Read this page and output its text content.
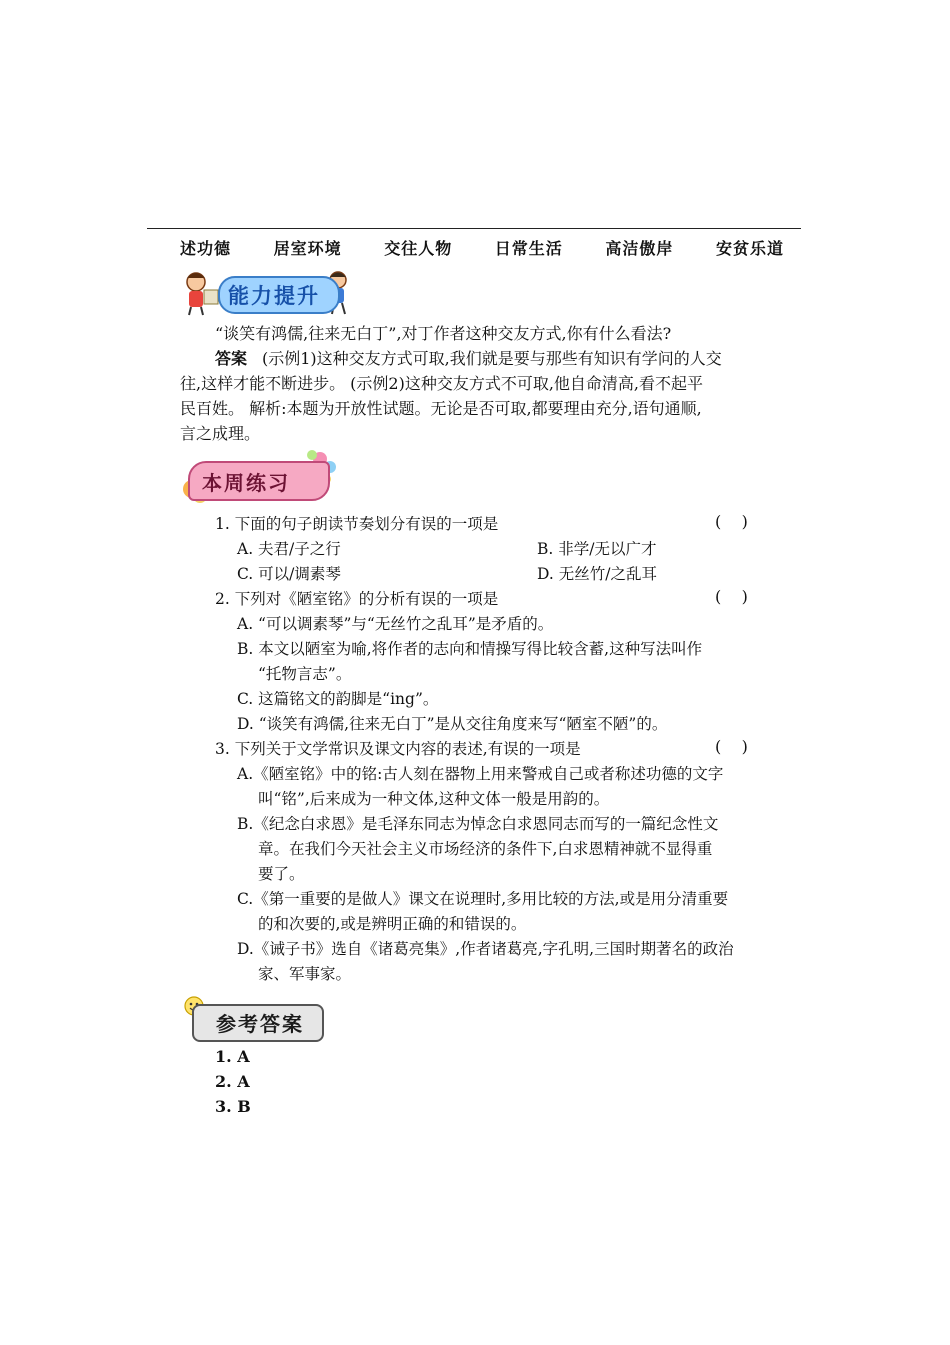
述功德	居室环境	交往人物	日常生活	高洁傲岸	安贫乐道
能力提升
“谈笑有鸿儒,往来无白丁”,对丁作者这种交友方式,你有什么看法?
答案 (示例1)这种交友方式可取,我们就是要与那些有知识有学问的人交
往,这样才能不断进步。 (示例2)这种交友方式不可取,他自命清高,看不起平
民百姓。 解析:本题为开放性试题。无论是否可取,都要理由充分,语句通顺,
言之成理。
本周练习
1. 下面的句子朗读节奏划分有误的一项是	(    )
A. 夫君/子之行	B. 非学/无以广才
C. 可以/调素琴	D. 无丝竹/之乱耳
2. 下列对《陋室铭》的分析有误的一项是	(    )
A. “可以调素琴”与“无丝竹之乱耳”是矛盾的。
B. 本文以陋室为喻,将作者的志向和情操写得比较含蓄,这种写法叫作
“托物言志”。
C. 这篇铭文的韵脚是“ing”。
D. “谈笑有鸿儒,往来无白丁”是从交往角度来写“陋室不陋”的。
3. 下列关于文学常识及课文内容的表述,有误的一项是	(    )
A.《陋室铭》中的铭:古人刻在器物上用来警戒自己或者称述功德的文字
叫“铭”,后来成为一种文体,这种文体一般是用韵的。
B.《纪念白求恩》是毛泽东同志为悼念白求恩同志而写的一篇纪念性文
章。在我们今天社会主义市场经济的条件下,白求恩精神就不显得重
要了。
C.《第一重要的是做人》课文在说理时,多用比较的方法,或是用分清重要
的和次要的,或是辨明正确的和错误的。
D.《诫子书》选自《诸葛亮集》,作者诸葛亮,字孔明,三国时期著名的政治
家、军事家。
参考答案
1. A
2. A
3. B
